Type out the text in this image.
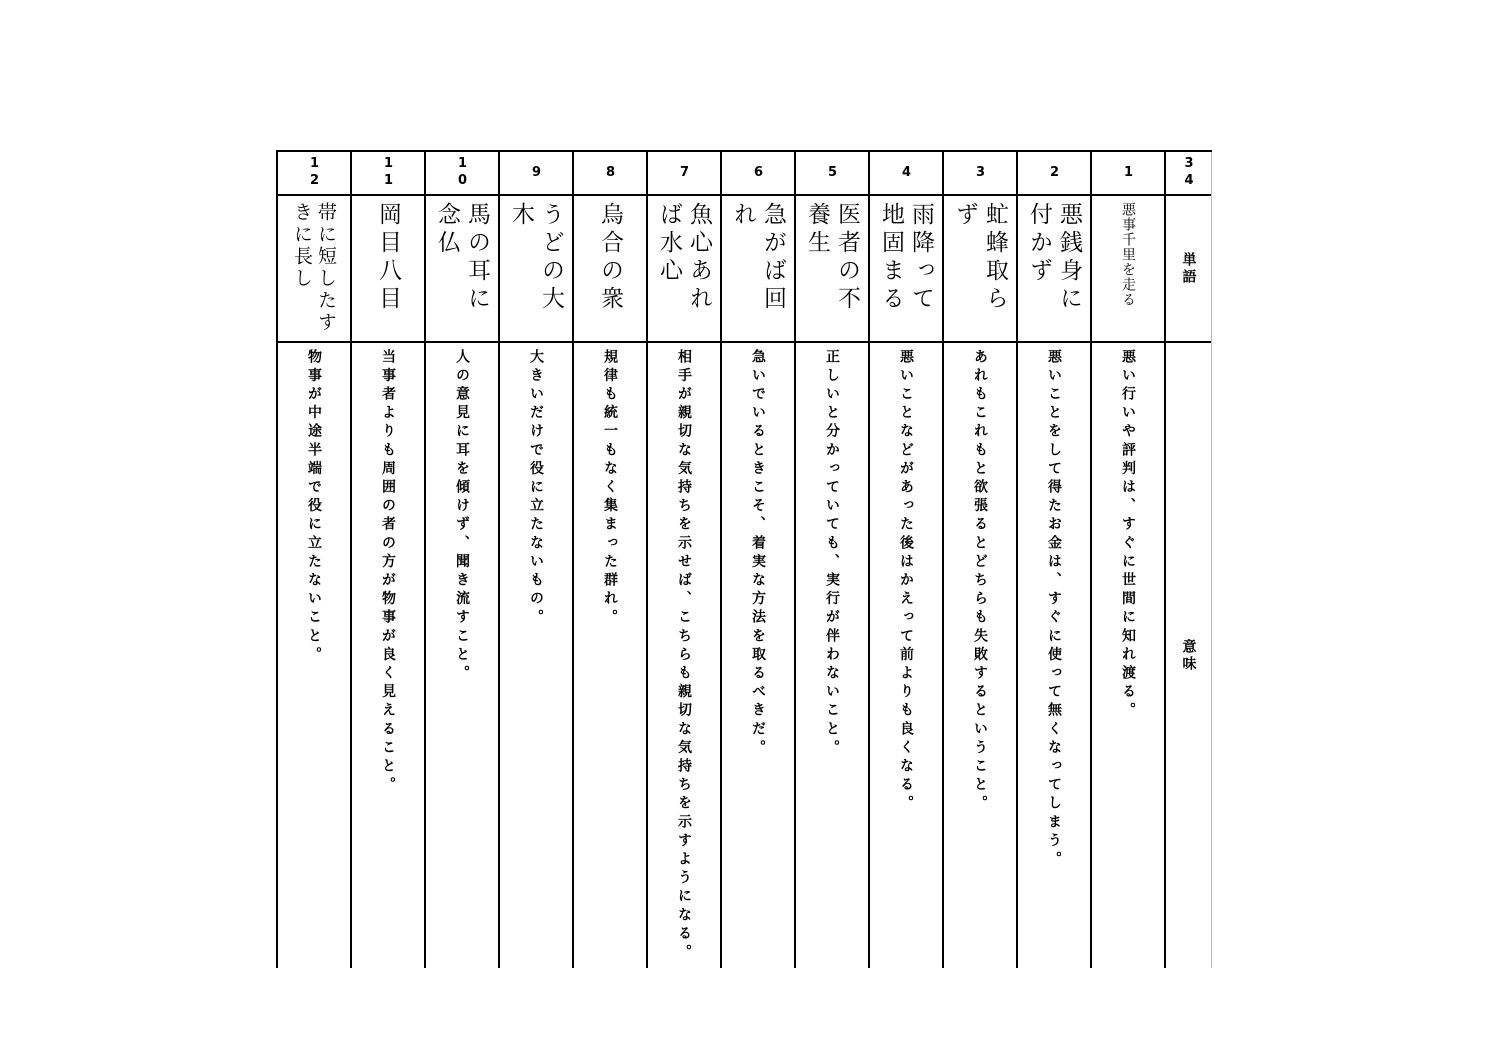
12
帯に短したすきに長し
物事が中途半端で役に立たないこと。
11
岡目八目
当事者よりも周囲の者の方が物事が良く見えること。
10
馬の耳に念仏
人の意見に耳を傾けず、聞き流すこと。
9
うどの大木
大きいだけで役に立たないもの。
8
烏合の衆
規律も統一もなく集まった群れ。
7
魚心あれば水心
相手が親切な気持ちを示せば、こちらも親切な気持ちを示すようになる。
6
急がば回れ
急いでいるときこそ、着実な方法を取るべきだ。
5
医者の不養生
正しいと分かっていても、実行が伴わないこと。
4
雨降って地固まる
悪いことなどがあった後はかえって前よりも良くなる。
3
虻蜂取らず
あれもこれもと欲張るとどちらも失敗するということ。
2
悪銭身に付かず
悪いことをして得たお金は、すぐに使って無くなってしまう。
1
悪事千里を走る
悪い行いや評判は、すぐに世間に知れ渡る。
34
単語
意味
